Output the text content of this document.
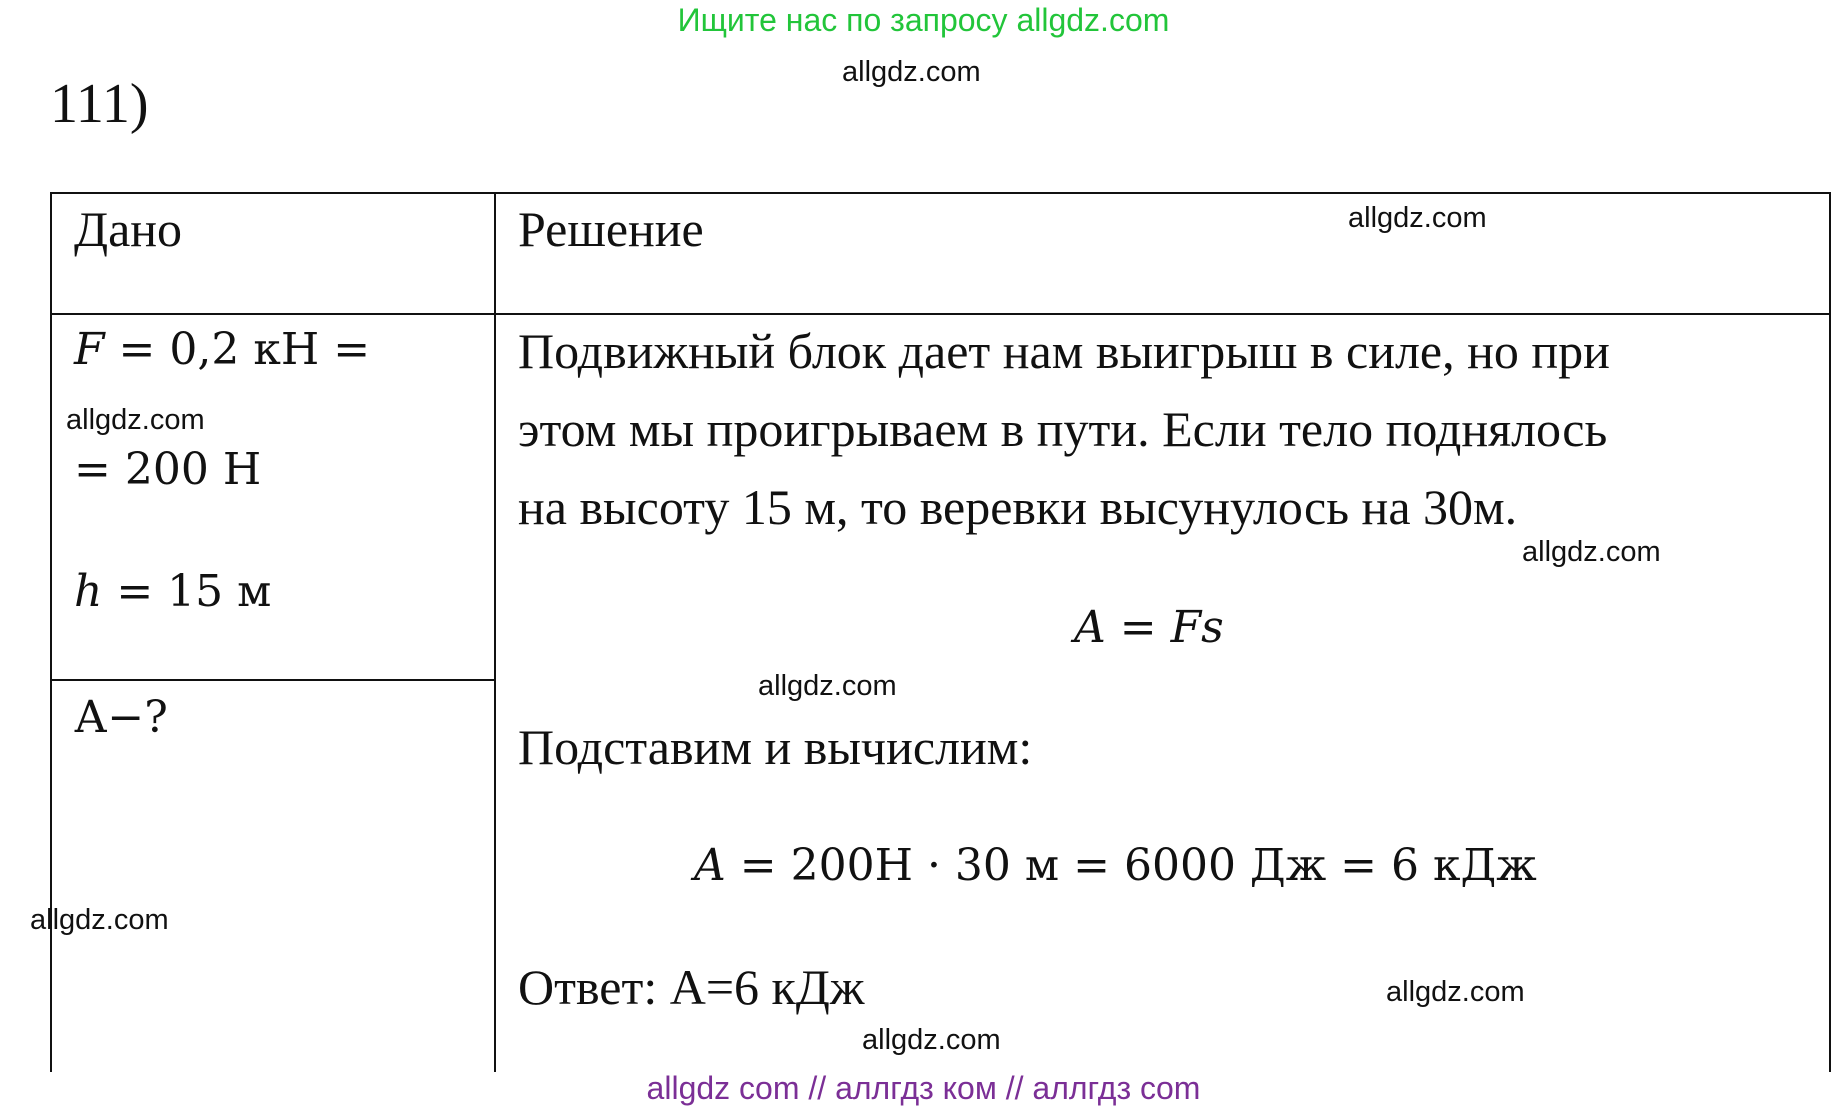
Ищите нас по запросу allgdz.com
111)
Дано	Решение
F = 0,2 кН =
= 200 Н
h = 15 м
А−?
Подвижный блок дает нам выигрыш в силе, но при
этом мы проигрываем в пути. Если тело поднялось
на высоту 15 м, то веревки высунулось на 30м.
A = Fs
Подставим и вычислим:
A = 200Н · 30 м = 6000 Дж = 6 кДж
Ответ: А=6 кДж
allgdz.com
allgdz.com
allgdz.com
allgdz.com
allgdz.com
allgdz.com
allgdz.com
allgdz.com
allgdz com // аллгдз ком // аллгдз com
